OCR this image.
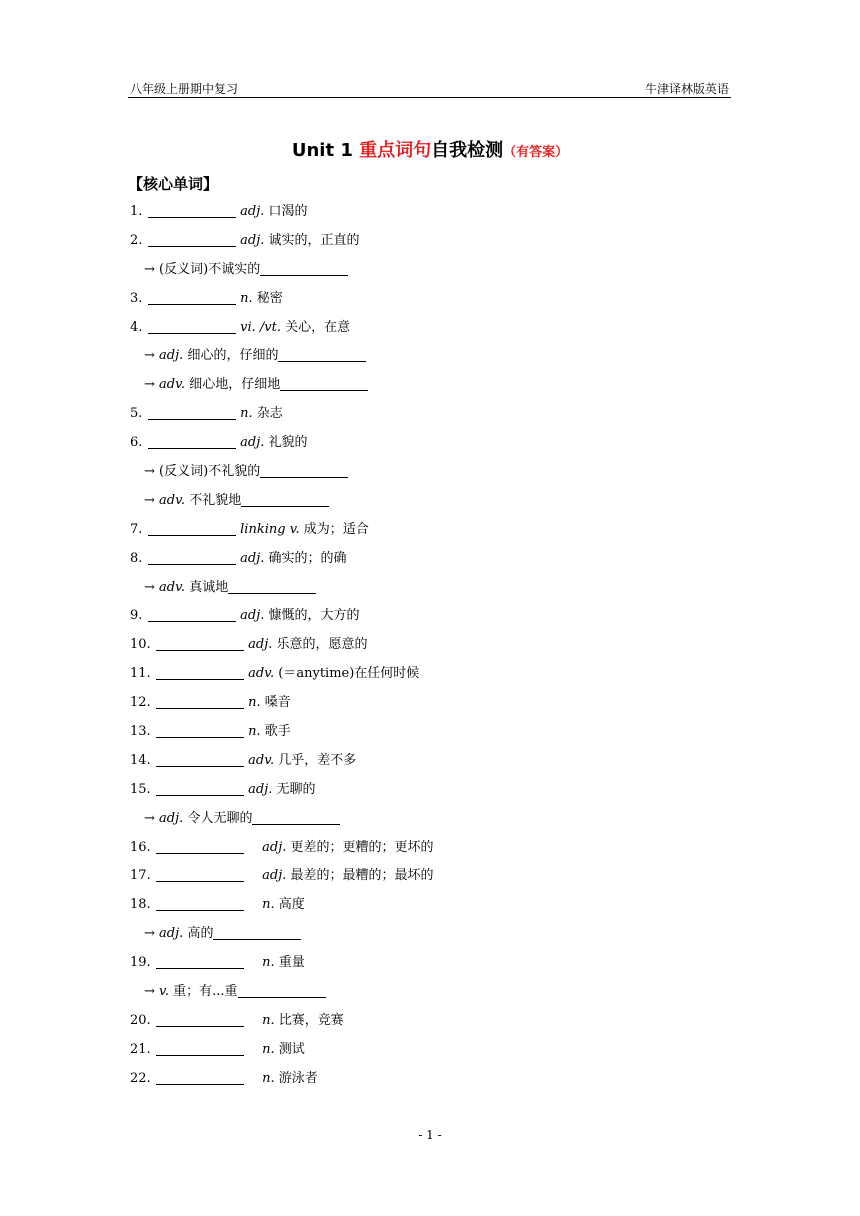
八年级上册期中复习	牛津译林版英语
Unit 1 重点词句自我检测（有答案）
【核心单词】
1.	adj. 口渴的
2.	adj. 诚实的，正直的
→ (反义词)不诚实的
3.	n. 秘密
4.	vi. /vt. 关心，在意
→ adj. 细心的，仔细的
→ adv. 细心地，仔细地
5.	n. 杂志
6.	adj. 礼貌的
→ (反义词)不礼貌的
→ adv. 不礼貌地
7.	linking v. 成为；适合
8.	adj. 确实的；的确
→ adv. 真诚地
9.	adj. 慷慨的，大方的
10.	adj. 乐意的，愿意的
11.	adv. (＝anytime)在任何时候
12.	n. 嗓音
13.	n. 歌手
14.	adv. 几乎，差不多
15.	adj. 无聊的
→ adj. 令人无聊的
16.	adj. 更差的；更糟的；更坏的
17.	adj. 最差的；最糟的；最坏的
18.	n. 高度
→ adj. 高的
19.	n. 重量
→ v. 重；有...重
20.	n. 比赛，竞赛
21.	n. 测试
22.	n. 游泳者
- 1 -
